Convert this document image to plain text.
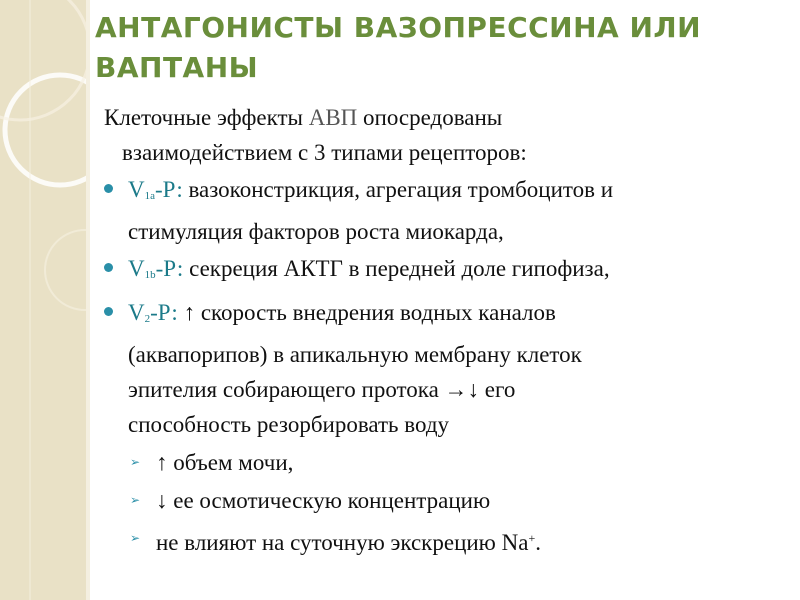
АНТАГОНИСТЫ ВАЗОПРЕССИНА ИЛИ ВАПТАНЫ
Клеточные эффекты АВП опосредованы
взаимодействием с 3 типами рецепторов:
V1a-Р: вазоконстрикция, агрегация тромбоцитов и
стимуляция факторов роста миокарда,
V1b-Р: секреция АКТГ в передней доле гипофиза,
V2-Р: ↑ скорость внедрения водных каналов
(аквапорипов) в апикальную мембрану клеток
эпителия собирающего протока →↓ его
способность резорбировать воду
➢ ↑ объем мочи,
➢ ↓ ее осмотическую концентрацию
➢ не влияют на суточную экскрецию Na+.
